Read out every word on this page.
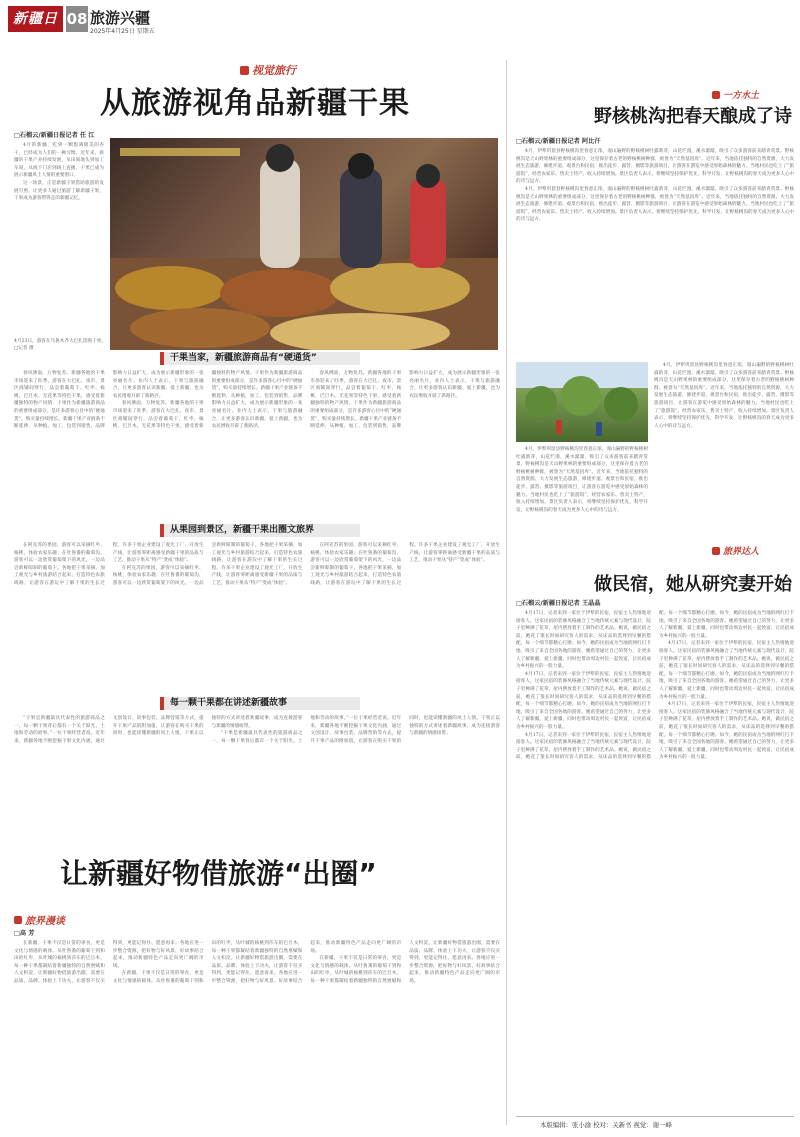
新疆日報
08 旅游兴疆
2025年4月25日 星期五
视觉旅行
从旅游视角品新疆干果
□石榴云/新疆日报记者 任 江

4月的新疆，吃到一颗饱满甜美的杏干，已经成为人们的一种习惯。近年来，新疆的干果产业持续发展，从田间地头到加工车间，从线下门店到线上直播，干果已成为展示新疆风土人情的重要窗口。

这一场景，正是新疆干果借助旅游的发展写照，让更多人通过旅游了解新疆干果，干果成为游客带得走的新疆记忆。

4月23日，游客在乌鲁木齐大巴扎选购干果。□记者 摄
干果当家，新疆旅游商品有“硬通货”

春风拂面，万物复苏。新疆各地的干果市场迎来了旺季，游客在大巴扎、夜市、景区商铺间穿行，品尝着葡萄干、红枣、核桃、巴旦木、无花果等特色干果，感受着新疆独特的物产风情。干果作为新疆旅游商品的重要组成部分，是许多游客心目中的“硬通货”，购买量持续增长。新疆干果产业链条不断延伸，从种植、加工、包装到销售，品牌影响力日益扩大，成为展示新疆形象的一张亮丽名片。业内人士表示，干果与旅游融合，让更多游客认识新疆、爱上新疆，也为农民增收开辟了新路径。

春风拂面，万物复苏。新疆各地的干果市场迎来了旺季，游客在大巴扎、夜市、景区商铺间穿行，品尝着葡萄干、红枣、核桃、巴旦木、无花果等特色干果，感受着新疆独特的物产风情。干果作为新疆旅游商品的重要组成部分，是许多游客心目中的“硬通货”，购买量持续增长。新疆干果产业链条不断延伸，从种植、加工、包装到销售，品牌影响力日益扩大，成为展示新疆形象的一张亮丽名片。业内人士表示，干果与旅游融合，让更多游客认识新疆、爱上新疆，也为农民增收开辟了新路径。

春风拂面，万物复苏。新疆各地的干果市场迎来了旺季，游客在大巴扎、夜市、景区商铺间穿行，品尝着葡萄干、红枣、核桃、巴旦木、无花果等特色干果，感受着新疆独特的物产风情。干果作为新疆旅游商品的重要组成部分，是许多游客心目中的“硬通货”，购买量持续增长。新疆干果产业链条不断延伸，从种植、加工、包装到销售，品牌影响力日益扩大，成为展示新疆形象的一张亮丽名片。业内人士表示，干果与旅游融合，让更多游客认识新疆、爱上新疆，也为农民增收开辟了新路径。

从果园到景区，新疆干果出圈文旅界

在阿克苏的果园，游客可以采摘红枣、核桃，体验农家乐趣；在吐鲁番的葡萄沟，游客可以一边欣赏葡萄架下的风光，一边品尝新鲜晾制的葡萄干。各地把干果采摘、加工观光与乡村旅游结合起来，打造特色农旅线路，让游客在游玩中了解干果的生长过程。许多干果企业建设了观光工厂，开放生产线，让游客零距离感受新疆干果的品质与工艺，推动干果从“特产”变成“体验”。

在阿克苏的果园，游客可以采摘红枣、核桃，体验农家乐趣；在吐鲁番的葡萄沟，游客可以一边欣赏葡萄架下的风光，一边品尝新鲜晾制的葡萄干。各地把干果采摘、加工观光与乡村旅游结合起来，打造特色农旅线路，让游客在游玩中了解干果的生长过程。许多干果企业建设了观光工厂，开放生产线，让游客零距离感受新疆干果的品质与工艺，推动干果从“特产”变成“体验”。

在阿克苏的果园，游客可以采摘红枣、核桃，体验农家乐趣；在吐鲁番的葡萄沟，游客可以一边欣赏葡萄架下的风光，一边品尝新鲜晾制的葡萄干。各地把干果采摘、加工观光与乡村旅游结合起来，打造特色农旅线路，让游客在游玩中了解干果的生长过程。许多干果企业建设了观光工厂，开放生产线，让游客零距离感受新疆干果的品质与工艺，推动干果从“特产”变成“体验”。

每一颗干果都在讲述新疆故事

“干果是新疆最具代表性的旅游商品之一，每一颗干果背后都有一个关于阳光、土地和劳动的故事。”一位干果经营者说。近年来，新疆各地不断挖掘干果文化内涵，通过文创设计、故事包装、品牌营销等方式，提升干果产品的附加值，让游客在购买干果的同时，也能读懂新疆的风土人情。干果正以独特的方式讲述着新疆故事，成为连接游客与新疆的情感纽带。

“干果是新疆最具代表性的旅游商品之一，每一颗干果背后都有一个关于阳光、土地和劳动的故事。”一位干果经营者说。近年来，新疆各地不断挖掘干果文化内涵，通过文创设计、故事包装、品牌营销等方式，提升干果产品的附加值，让游客在购买干果的同时，也能读懂新疆的风土人情。干果正以独特的方式讲述着新疆故事，成为连接游客与新疆的情感纽带。

让新疆好物借旅游“出圈”
旅界漫谈
□高 芳

在新疆，干果不仅是日常的零食，更是文化与情感的载体。从吐鲁番的葡萄干到和田的红枣，从叶城的核桃到莎车的巴旦木，每一种干果都凝结着新疆独特的自然禀赋和人文积淀。让新疆好物借旅游出圈，需要在品质、品牌、体验上下功夫，让游客不仅买得到，更能记得住、愿意再来。各地应进一步整合资源，把好物与好风景、好故事结合起来，推动新疆特色产品走向更广阔的市场。

在新疆，干果不仅是日常的零食，更是文化与情感的载体。从吐鲁番的葡萄干到和田的红枣，从叶城的核桃到莎车的巴旦木，每一种干果都凝结着新疆独特的自然禀赋和人文积淀。让新疆好物借旅游出圈，需要在品质、品牌、体验上下功夫，让游客不仅买得到，更能记得住、愿意再来。各地应进一步整合资源，把好物与好风景、好故事结合起来，推动新疆特色产品走向更广阔的市场。

在新疆，干果不仅是日常的零食，更是文化与情感的载体。从吐鲁番的葡萄干到和田的红枣，从叶城的核桃到莎车的巴旦木，每一种干果都凝结着新疆独特的自然禀赋和人文积淀。让新疆好物借旅游出圈，需要在品质、品牌、体验上下功夫，让游客不仅买得到，更能记得住、愿意再来。各地应进一步整合资源，把好物与好风景、好故事结合起来，推动新疆特色产品走向更广阔的市场。

一方水土
野核桃沟把春天酿成了诗
□石榴云/新疆日报记者 阿比汗

4月，伊犁巩留县野核桃沟里春意正浓，漫山遍野的野核桃树吐露新芽，山花烂漫，溪水潺潺，吸引了众多游客前来踏青赏景。野核桃沟是天山野果林的重要组成部分，这里保存着古老的野核桃树种群，被誉为“天然基因库”。近年来，当地依托独特的自然资源，大力发展生态旅游，修建步道、观景台和民宿，推出徒步、露营、摄影等旅游项目，让游客在游览中感受原始森林的魅力。当地村民也吃上了“旅游饭”，经营农家乐、售卖土特产，收入持续增加。景区负责人表示，将继续坚持保护优先，科学开发，让野核桃沟的春天成为更多人心中的诗与远方。

4月，伊犁巩留县野核桃沟里春意正浓，漫山遍野的野核桃树吐露新芽，山花烂漫，溪水潺潺，吸引了众多游客前来踏青赏景。野核桃沟是天山野果林的重要组成部分，这里保存着古老的野核桃树种群，被誉为“天然基因库”。近年来，当地依托独特的自然资源，大力发展生态旅游，修建步道、观景台和民宿，推出徒步、露营、摄影等旅游项目，让游客在游览中感受原始森林的魅力。当地村民也吃上了“旅游饭”，经营农家乐、售卖土特产，收入持续增加。景区负责人表示，将继续坚持保护优先，科学开发，让野核桃沟的春天成为更多人心中的诗与远方。

4月，伊犁巩留县野核桃沟里春意正浓，漫山遍野的野核桃树吐露新芽，山花烂漫，溪水潺潺，吸引了众多游客前来踏青赏景。野核桃沟是天山野果林的重要组成部分，这里保存着古老的野核桃树种群，被誉为“天然基因库”。近年来，当地依托独特的自然资源，大力发展生态旅游，修建步道、观景台和民宿，推出徒步、露营、摄影等旅游项目，让游客在游览中感受原始森林的魅力。当地村民也吃上了“旅游饭”，经营农家乐、售卖土特产，收入持续增加。景区负责人表示，将继续坚持保护优先，科学开发，让野核桃沟的春天成为更多人心中的诗与远方。

4月，伊犁巩留县野核桃沟里春意正浓，漫山遍野的野核桃树吐露新芽，山花烂漫，溪水潺潺，吸引了众多游客前来踏青赏景。野核桃沟是天山野果林的重要组成部分，这里保存着古老的野核桃树种群，被誉为“天然基因库”。近年来，当地依托独特的自然资源，大力发展生态旅游，修建步道、观景台和民宿，推出徒步、露营、摄影等旅游项目，让游客在游览中感受原始森林的魅力。当地村民也吃上了“旅游饭”，经营农家乐、售卖土特产，收入持续增加。景区负责人表示，将继续坚持保护优先，科学开发，让野核桃沟的春天成为更多人心中的诗与远方。

旅界达人
做民宿，她从研究妻开始
□石榴云/新疆日报记者 王晶晶

4月17日，记者来到一家位于伊犁的民宿，民宿主人热情地迎接客人。这家民宿的装修风格融合了当地传统元素与现代设计，院子里种满了花草，屋内摆放着手工制作的艺术品。她说，做民宿之前，她花了很长时间研究客人的需求，从床品的选择到早餐的搭配，每一个细节都精心打磨。如今，她的民宿成为当地的网红打卡地，吸引了来自全国各地的游客。她希望通过自己的努力，让更多人了解新疆，爱上新疆，同时也带动周边村民一起致富，让民宿成为乡村振兴的一股力量。

4月17日，记者来到一家位于伊犁的民宿，民宿主人热情地迎接客人。这家民宿的装修风格融合了当地传统元素与现代设计，院子里种满了花草，屋内摆放着手工制作的艺术品。她说，做民宿之前，她花了很长时间研究客人的需求，从床品的选择到早餐的搭配，每一个细节都精心打磨。如今，她的民宿成为当地的网红打卡地，吸引了来自全国各地的游客。她希望通过自己的努力，让更多人了解新疆，爱上新疆，同时也带动周边村民一起致富，让民宿成为乡村振兴的一股力量。

4月17日，记者来到一家位于伊犁的民宿，民宿主人热情地迎接客人。这家民宿的装修风格融合了当地传统元素与现代设计，院子里种满了花草，屋内摆放着手工制作的艺术品。她说，做民宿之前，她花了很长时间研究客人的需求，从床品的选择到早餐的搭配，每一个细节都精心打磨。如今，她的民宿成为当地的网红打卡地，吸引了来自全国各地的游客。她希望通过自己的努力，让更多人了解新疆，爱上新疆，同时也带动周边村民一起致富，让民宿成为乡村振兴的一股力量。

4月17日，记者来到一家位于伊犁的民宿，民宿主人热情地迎接客人。这家民宿的装修风格融合了当地传统元素与现代设计，院子里种满了花草，屋内摆放着手工制作的艺术品。她说，做民宿之前，她花了很长时间研究客人的需求，从床品的选择到早餐的搭配，每一个细节都精心打磨。如今，她的民宿成为当地的网红打卡地，吸引了来自全国各地的游客。她希望通过自己的努力，让更多人了解新疆，爱上新疆，同时也带动周边村民一起致富，让民宿成为乡村振兴的一股力量。

4月17日，记者来到一家位于伊犁的民宿，民宿主人热情地迎接客人。这家民宿的装修风格融合了当地传统元素与现代设计，院子里种满了花草，屋内摆放着手工制作的艺术品。她说，做民宿之前，她花了很长时间研究客人的需求，从床品的选择到早餐的搭配，每一个细节都精心打磨。如今，她的民宿成为当地的网红打卡地，吸引了来自全国各地的游客。她希望通过自己的努力，让更多人了解新疆，爱上新疆，同时也带动周边村民一起致富，让民宿成为乡村振兴的一股力量。

本版编辑：张小渝 校对：关新书 视觉：谢一峰
